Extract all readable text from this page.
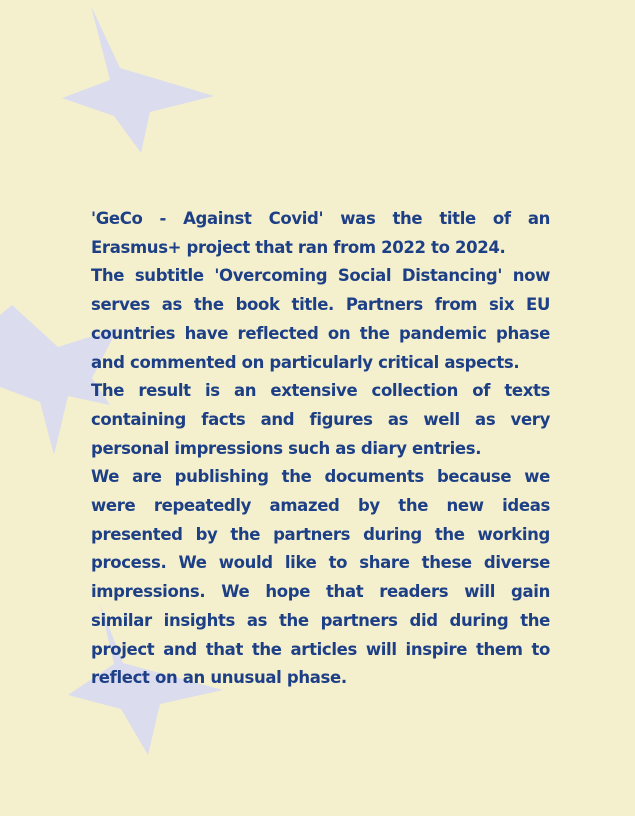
'GeCo - Against Covid' was the title of an Erasmus+ project that ran from 2022 to 2024.

The subtitle 'Overcoming Social Distancing' now serves as the book title. Partners from six EU countries have reflected on the pandemic phase and commented on particularly critical aspects.

The result is an extensive collection of texts containing facts and figures as well as very personal impressions such as diary entries.

We are publishing the documents because we were repeatedly amazed by the new ideas presented by the partners during the working process. We would like to share these diverse impressions. We hope that readers will gain similar insights as the partners did during the project and that the articles will inspire them to reflect on an unusual phase.
